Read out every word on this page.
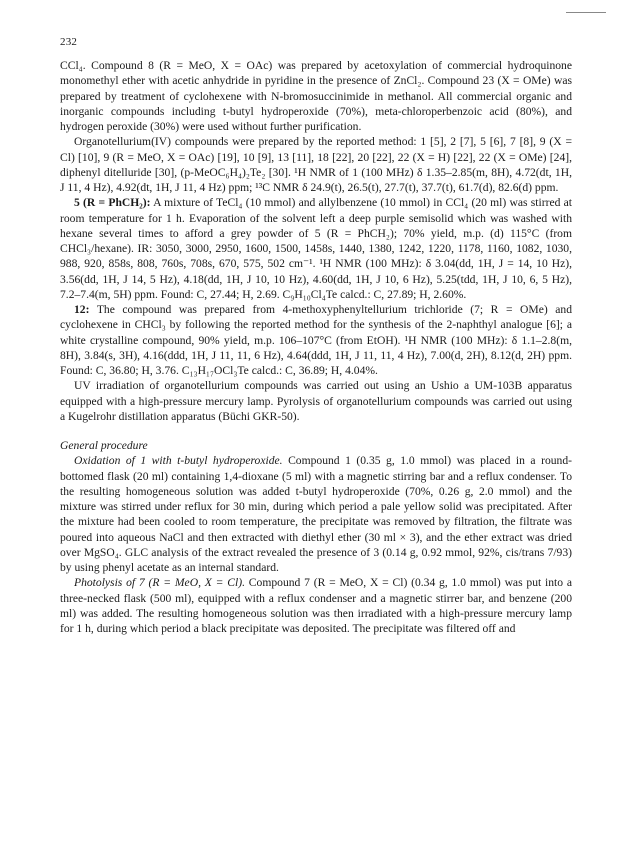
232

CCl₄. Compound 8 (R = MeO, X = OAc) was prepared by acetoxylation of commercial hydroquinone monomethyl ether with acetic anhydride in pyridine in the presence of ZnCl₂. Compound 23 (X = OMe) was prepared by treatment of cyclohexene with N-bromosuccinimide in methanol. All commercial organic and inorganic compounds including t-butyl hydroperoxide (70%), meta-chloroperbenzoic acid (80%), and hydrogen peroxide (30%) were used without further purification.

Organotellurium(IV) compounds were prepared by the reported method: 1 [5], 2 [7], 5 [6], 7 [8], 9 (X = Cl) [10], 9 (R = MeO, X = OAc) [19], 10 [9], 13 [11], 18 [22], 20 [22], 22 (X = H) [22], 22 (X = OMe) [24], diphenyl ditelluride [30], (p-MeOC₆H₄)₂Te₂ [30]. ¹H NMR of 1 (100 MHz) δ 1.35–2.85(m, 8H), 4.72(dt, 1H, J 11, 4 Hz), 4.92(dt, 1H, J 11, 4 Hz) ppm; ¹³C NMR δ 24.9(t), 26.5(t), 27.7(t), 37.7(t), 61.7(d), 82.6(d) ppm.

5 (R = PhCH₂): A mixture of TeCl₄ (10 mmol) and allylbenzene (10 mmol) in CCl₄ (20 ml) was stirred at room temperature for 1 h. Evaporation of the solvent left a deep purple semisolid which was washed with hexane several times to afford a grey powder of 5 (R = PhCH₂); 70% yield, m.p. (d) 115°C (from CHCl₃/hexane). IR: 3050, 3000, 2950, 1600, 1500, 1458s, 1440, 1380, 1242, 1220, 1178, 1160, 1082, 1030, 988, 920, 858s, 808, 760s, 708s, 670, 575, 502 cm⁻¹. ¹H NMR (100 MHz): δ 3.04(dd, 1H, J = 14, 10 Hz), 3.56(dd, 1H, J 14, 5 Hz), 4.18(dd, 1H, J 10, 10 Hz), 4.60(dd, 1H, J 10, 6 Hz), 5.25(tdd, 1H, J 10, 6, 5 Hz), 7.2–7.4(m, 5H) ppm. Found: C, 27.44; H, 2.69. C₉H₁₀Cl₄Te calcd.: C, 27.89; H, 2.60%.

12: The compound was prepared from 4-methoxyphenyltellurium trichloride (7; R = OMe) and cyclohexene in CHCl₃ by following the reported method for the synthesis of the 2-naphthyl analogue [6]; a white crystalline compound, 90% yield, m.p. 106–107°C (from EtOH). ¹H NMR (100 MHz): δ 1.1–2.8(m, 8H), 3.84(s, 3H), 4.16(ddd, 1H, J 11, 11, 6 Hz), 4.64(ddd, 1H, J 11, 11, 4 Hz), 7.00(d, 2H), 8.12(d, 2H) ppm. Found: C, 36.80; H, 3.76. C₁₃H₁₇OCl₃Te calcd.: C, 36.89; H, 4.04%.

UV irradiation of organotellurium compounds was carried out using an Ushio a UM-103B apparatus equipped with a high-pressure mercury lamp. Pyrolysis of organotellurium compounds was carried out using a Kugelrohr distillation apparatus (Büchi GKR-50).

General procedure

Oxidation of 1 with t-butyl hydroperoxide. Compound 1 (0.35 g, 1.0 mmol) was placed in a round-bottomed flask (20 ml) containing 1,4-dioxane (5 ml) with a magnetic stirring bar and a reflux condenser. To the resulting homogeneous solution was added t-butyl hydroperoxide (70%, 0.26 g, 2.0 mmol) and the mixture was stirred under reflux for 30 min, during which period a pale yellow solid was precipitated. After the mixture had been cooled to room temperature, the precipitate was removed by filtration, the filtrate was poured into aqueous NaCl and then extracted with diethyl ether (30 ml × 3), and the ether extract was dried over MgSO₄. GLC analysis of the extract revealed the presence of 3 (0.14 g, 0.92 mmol, 92%, cis/trans 7/93) by using phenyl acetate as an internal standard.

Photolysis of 7 (R = MeO, X = Cl). Compound 7 (R = MeO, X = Cl) (0.34 g, 1.0 mmol) was put into a three-necked flask (500 ml), equipped with a reflux condenser and a magnetic stirrer bar, and benzene (200 ml) was added. The resulting homogeneous solution was then irradiated with a high-pressure mercury lamp for 1 h, during which period a black precipitate was deposited. The precipitate was filtered off and
